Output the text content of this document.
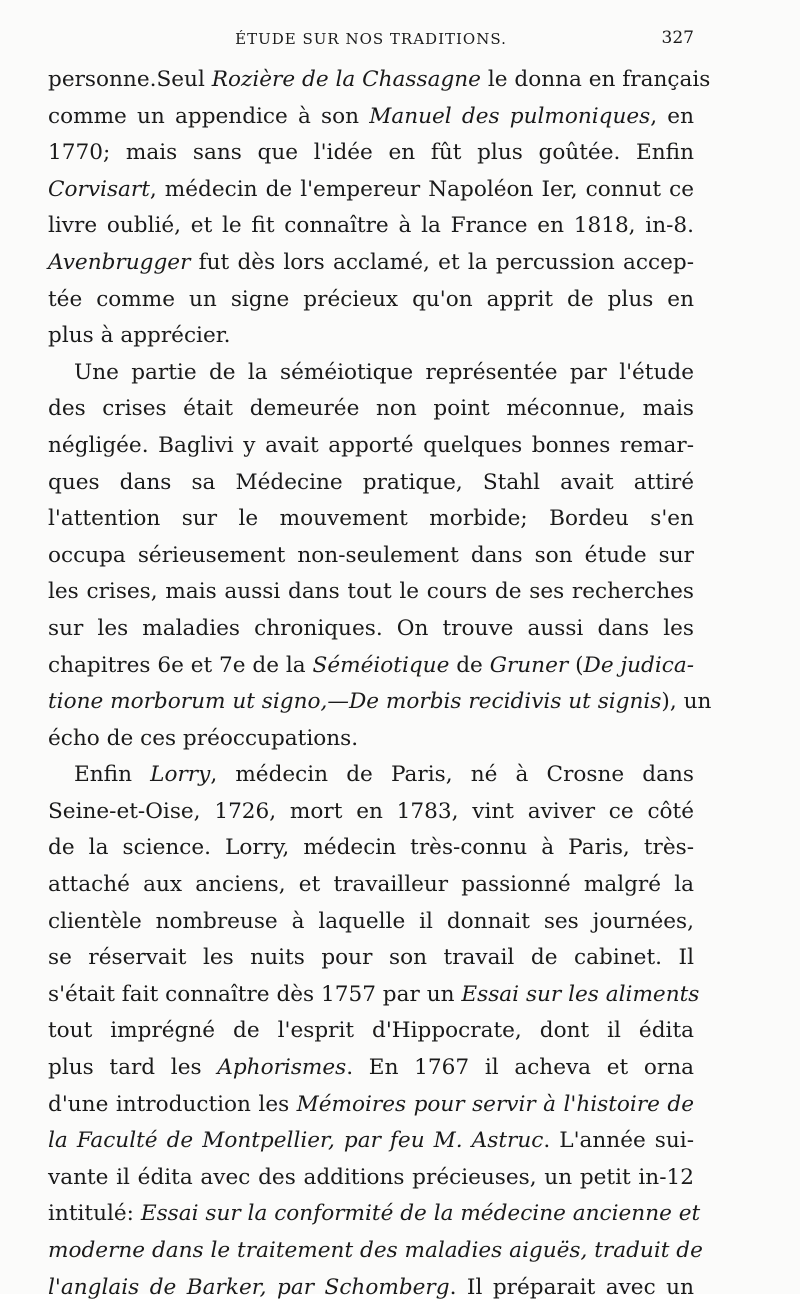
ÉTUDE SUR NOS TRADITIONS.	327
personne.Seul Rozière de la Chassagne le donna en français
comme un appendice à son Manuel des pulmoniques, en
1770; mais sans que l'idée en fût plus goûtée. Enfin
Corvisart, médecin de l'empereur Napoléon Ier, connut ce
livre oublié, et le fit connaître à la France en 1818, in-8.
Avenbrugger fut dès lors acclamé, et la percussion accep-
tée comme un signe précieux qu'on apprit de plus en
plus à apprécier.
Une partie de la séméiotique représentée par l'étude
des crises était demeurée non point méconnue, mais
négligée. Baglivi y avait apporté quelques bonnes remar-
ques dans sa Médecine pratique, Stahl avait attiré
l'attention sur le mouvement morbide; Bordeu s'en
occupa sérieusement non-seulement dans son étude sur
les crises, mais aussi dans tout le cours de ses recherches
sur les maladies chroniques. On trouve aussi dans les
chapitres 6e et 7e de la Séméiotique de Gruner (De judica-
tione morborum ut signo,—De morbis recidivis ut signis), un
écho de ces préoccupations.
Enfin Lorry, médecin de Paris, né à Crosne dans
Seine-et-Oise, 1726, mort en 1783, vint aviver ce côté
de la science. Lorry, médecin très-connu à Paris, très-
attaché aux anciens, et travailleur passionné malgré la
clientèle nombreuse à laquelle il donnait ses journées,
se réservait les nuits pour son travail de cabinet. Il
s'était fait connaître dès 1757 par un Essai sur les aliments
tout imprégné de l'esprit d'Hippocrate, dont il édita
plus tard les Aphorismes. En 1767 il acheva et orna
d'une introduction les Mémoires pour servir à l'histoire de
la Faculté de Montpellier, par feu M. Astruc. L'année sui-
vante il édita avec des additions précieuses, un petit in-12
intitulé: Essai sur la conformité de la médecine ancienne et
moderne dans le traitement des maladies aiguës, traduit de
l'anglais de Barker, par Schomberg. Il préparait avec un
